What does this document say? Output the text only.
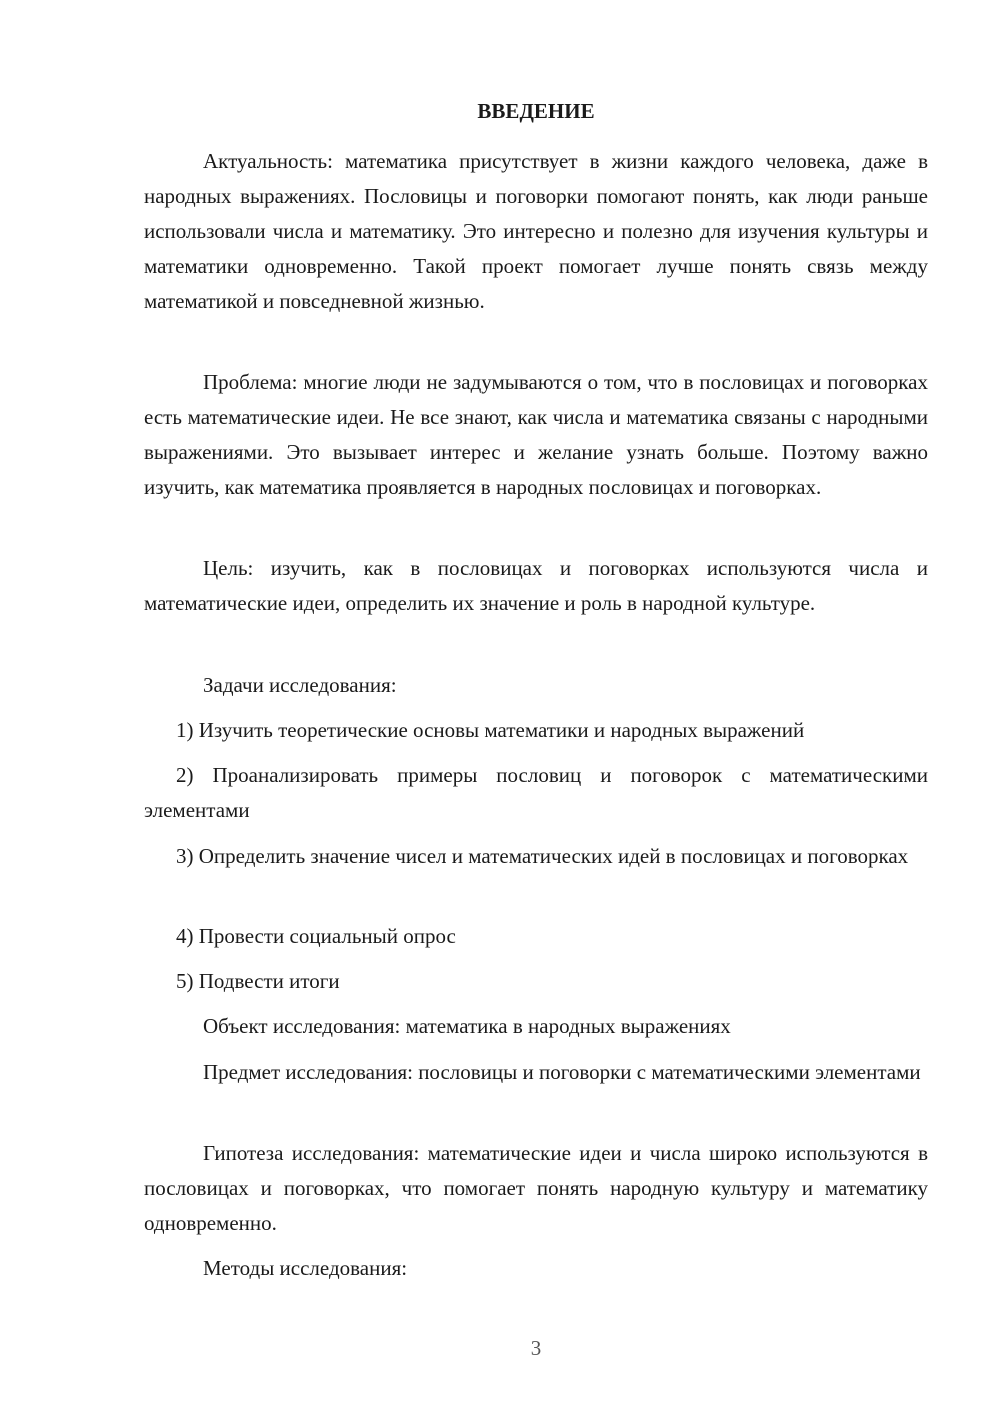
ВВЕДЕНИЕ

Актуальность: математика присутствует в жизни каждого человека, даже в народных выражениях. Пословицы и поговорки помогают понять, как люди раньше использовали числа и математику. Это интересно и полезно для изучения культуры и математики одновременно. Такой проект помогает лучше понять связь между математикой и повседневной жизнью.

Проблема: многие люди не задумываются о том, что в пословицах и поговорках есть математические идеи. Не все знают, как числа и математика связаны с народными выражениями. Это вызывает интерес и желание узнать больше. Поэтому важно изучить, как математика проявляется в народных пословицах и поговорках.

Цель: изучить, как в пословицах и поговорках используются числа и математические идеи, определить их значение и роль в народной культуре.

Задачи исследования:

1) Изучить теоретические основы математики и народных выражений

2) Проанализировать примеры пословиц и поговорок с математическими элементами

3) Определить значение чисел и математических идей в пословицах и поговорках

4) Провести социальный опрос

5) Подвести итоги

Объект исследования: математика в народных выражениях

Предмет исследования: пословицы и поговорки с математическими элементами

Гипотеза исследования: математические идеи и числа широко используются в пословицах и поговорках, что помогает понять народную культуру и математику одновременно.

Методы исследования:

3
